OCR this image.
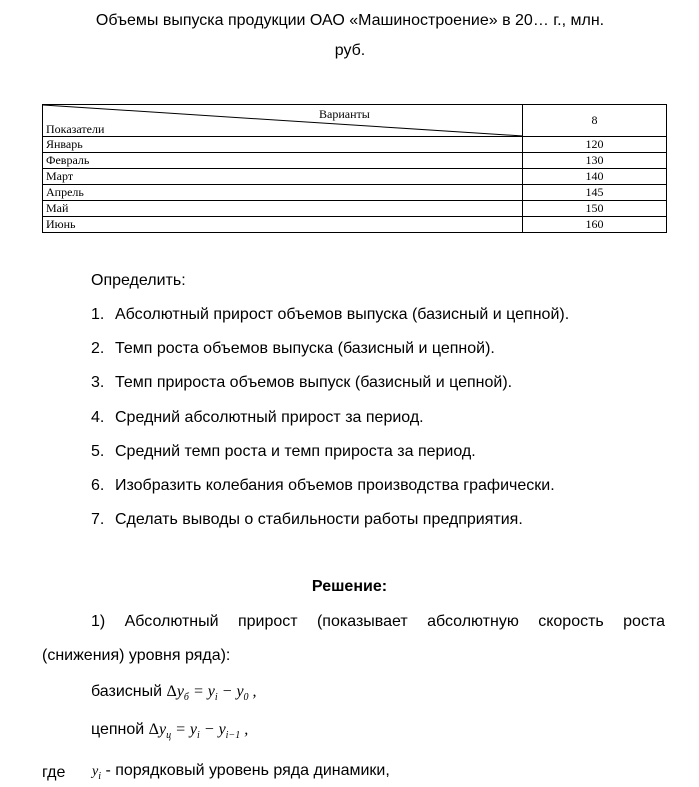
Объемы выпуска продукции ОАО «Машиностроение» в 20… г., млн.
руб.
Варианты
Показатели	8
Январь	120
Февраль	130
Март	140
Апрель	145
Май	150
Июнь	160
Определить:
1. Абсолютный прирост объемов выпуска (базисный и цепной).
2. Темп роста объемов выпуска (базисный и цепной).
3. Темп прироста объемов выпуск (базисный и цепной).
4. Средний абсолютный прирост за период.
5. Средний темп роста и темп прироста за период.
6. Изобразить колебания объемов производства графически.
7. Сделать выводы о стабильности работы предприятия.
Решение:
1) Абсолютный прирост (показывает абсолютную скорость роста
(снижения) уровня ряда):
базисный $\Delta y_б = y_i - y_0$ ,
цепной $\Delta y_ц = y_i - y_{i-1}$ ,
где $y_i$ - порядковый уровень ряда динамики,
